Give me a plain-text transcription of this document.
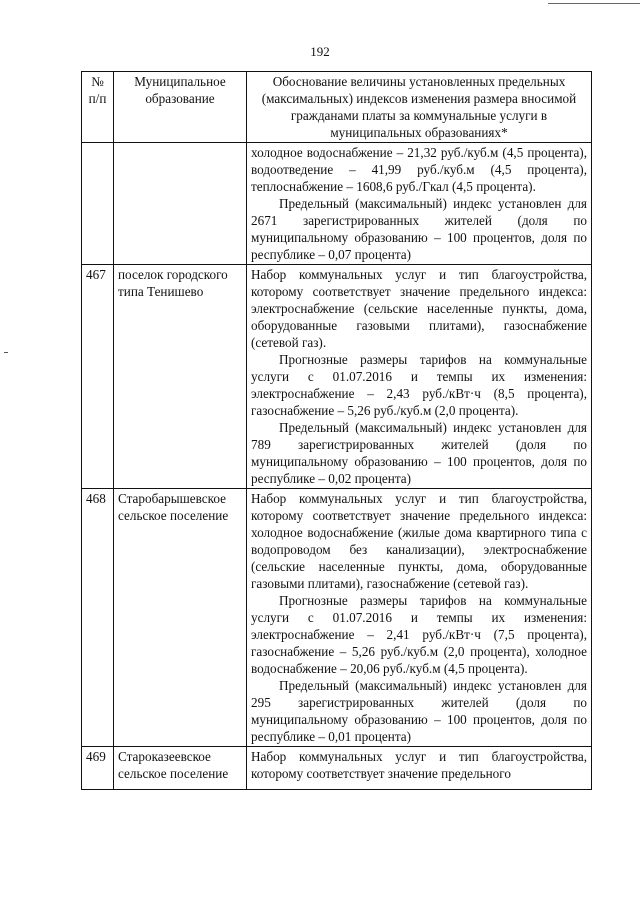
192
№ п/п	Муниципальное образование	Обоснование величины установленных предельных (максимальных) индексов изменения размера вносимой гражданами платы за коммунальные услуги в муниципальных образованиях*

		холодное водоснабжение – 21,32 руб./куб.м (4,5 процента), водоотведение – 41,99 руб./куб.м (4,5 процента), теплоснабжение – 1608,6 руб./Гкал (4,5 процента).

Предельный (максимальный) индекс установлен для 2671 зарегистрированных жителей (доля по муниципальному образованию – 100 процентов, доля по республике – 0,07 процента)

467	поселок городского типа Тенишево	Набор коммунальных услуг и тип благоустройства, которому соответствует значение предельного индекса: электроснабжение (сельские населенные пункты, дома, оборудованные газовыми плитами), газоснабжение (сетевой газ).

Прогнозные размеры тарифов на коммунальные услуги с 01.07.2016 и темпы их изменения: электроснабжение – 2,43 руб./кВт·ч (8,5 процента), газоснабжение – 5,26 руб./куб.м (2,0 процента).

Предельный (максимальный) индекс установлен для 789 зарегистрированных жителей (доля по муниципальному образованию – 100 процентов, доля по республике – 0,02 процента)

468	Старобарышевское сельское поселение	Набор коммунальных услуг и тип благоустройства, которому соответствует значение предельного индекса: холодное водоснабжение (жилые дома квартирного типа с водопроводом без канализации), электроснабжение (сельские населенные пункты, дома, оборудованные газовыми плитами), газоснабжение (сетевой газ).

Прогнозные размеры тарифов на коммунальные услуги с 01.07.2016 и темпы их изменения: электроснабжение – 2,41 руб./кВт·ч (7,5 процента), газоснабжение – 5,26 руб./куб.м (2,0 процента), холодное водоснабжение – 20,06 руб./куб.м (4,5 процента).

Предельный (максимальный) индекс установлен для 295 зарегистрированных жителей (доля по муниципальному образованию – 100 процентов, доля по республике – 0,01 процента)

469	Староказеевское сельское поселение	Набор коммунальных услуг и тип благоустройства, которому соответствует значение предельного
